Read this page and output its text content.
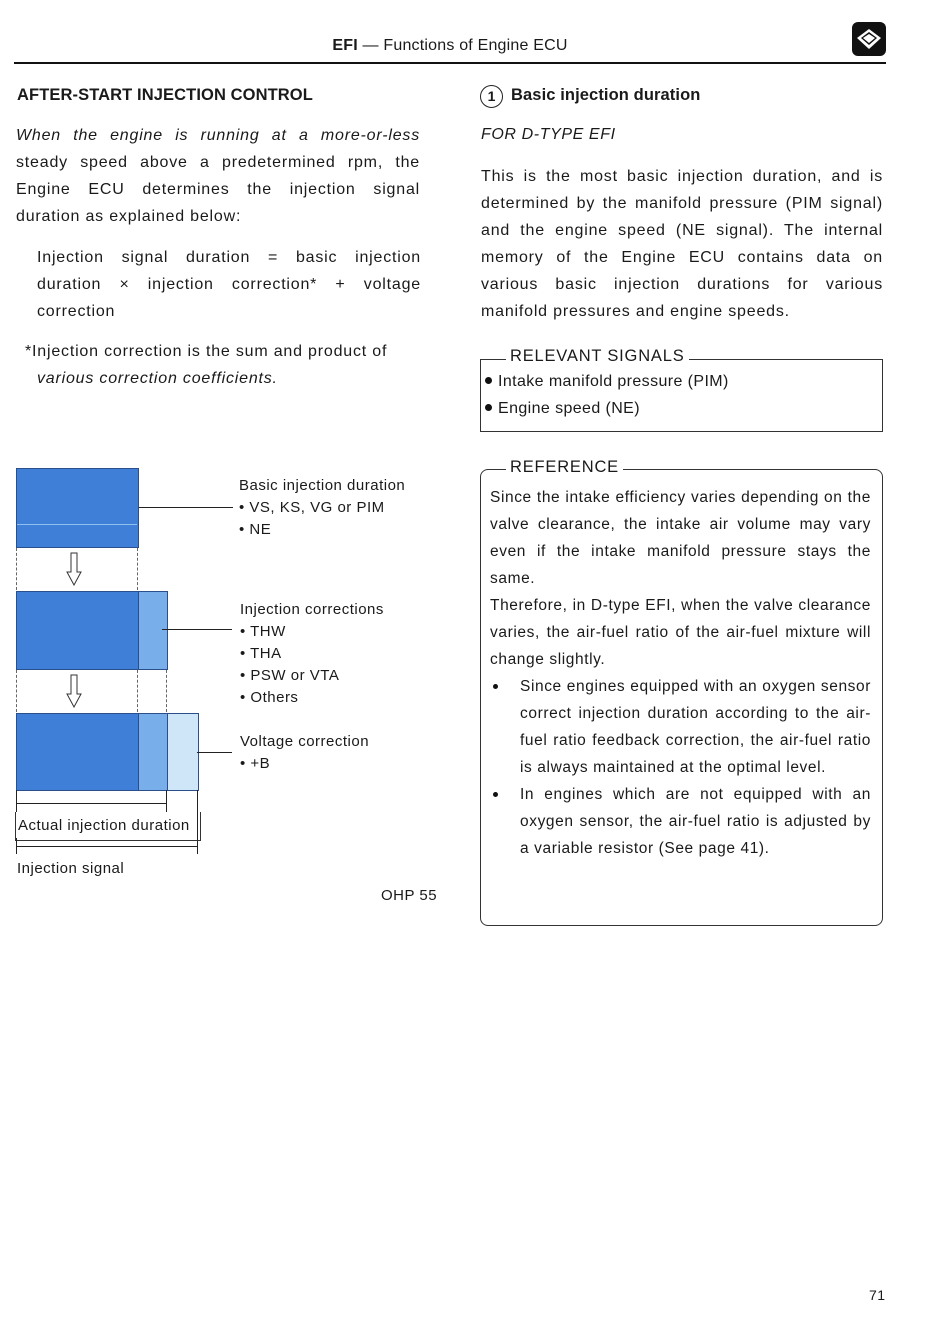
EFI — Functions of Engine ECU
AFTER-START INJECTION CONTROL
When the engine is running at a more-or-less steady speed above a predetermined rpm, the Engine ECU determines the injection signal duration as explained below:
Injection signal duration = basic injection duration × injection correction* + voltage correction
*Injection correction is the sum and product of
various correction coefficients.
Basic injection duration
• VS, KS, VG or PIM
• NE
Injection corrections
• THW
• THA
• PSW or VTA
• Others
Voltage correction
• +B
Actual injection duration
Injection signal
OHP 55
1 Basic injection duration
FOR D-TYPE EFI
This is the most basic injection duration, and is determined by the manifold pressure (PIM signal) and the engine speed (NE signal). The internal memory of the Engine ECU contains data on various basic injection durations for various manifold pressures and engine speeds.
Intake manifold pressure (PIM)
Engine speed (NE)
RELEVANT SIGNALS
Since the intake efficiency varies depending on the valve clearance, the intake air volume may vary even if the intake manifold pressure stays the same.
Therefore, in D-type EFI, when the valve clearance varies, the air-fuel ratio of the air-fuel mixture will change slightly.
Since engines equipped with an oxygen sensor correct injection duration according to the air-fuel ratio feedback correction, the air-fuel ratio is always maintained at the optimal level.
In engines which are not equipped with an oxygen sensor, the air-fuel ratio is adjusted by a variable resistor (See page 41).
REFERENCE
71
